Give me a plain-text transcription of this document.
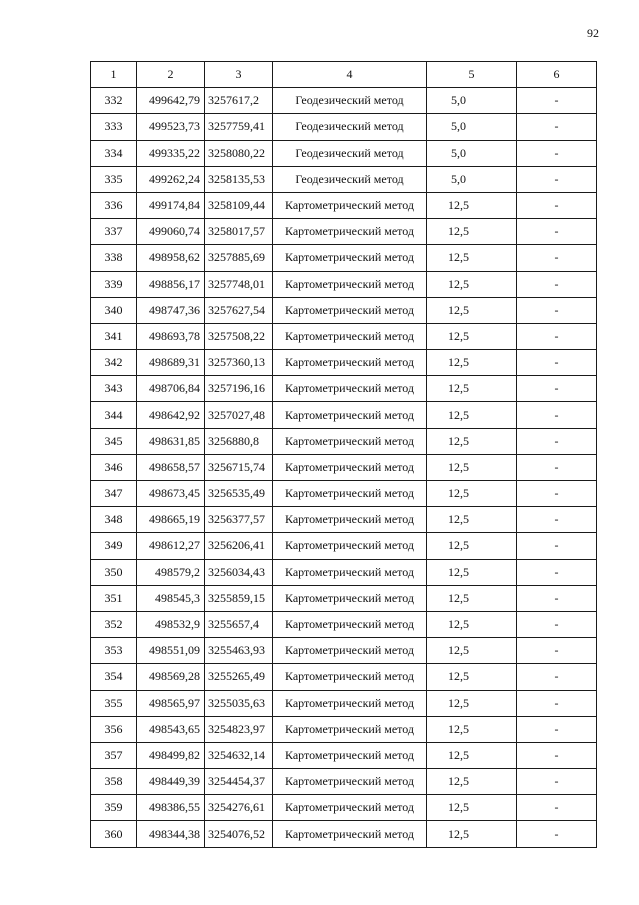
92
1	2	3	4	5	6
332	499642,79	3257617,2	Геодезический метод	5,0	-
333	499523,73	3257759,41	Геодезический метод	5,0	-
334	499335,22	3258080,22	Геодезический метод	5,0	-
335	499262,24	3258135,53	Геодезический метод	5,0	-
336	499174,84	3258109,44	Картометрический метод	12,5	-
337	499060,74	3258017,57	Картометрический метод	12,5	-
338	498958,62	3257885,69	Картометрический метод	12,5	-
339	498856,17	3257748,01	Картометрический метод	12,5	-
340	498747,36	3257627,54	Картометрический метод	12,5	-
341	498693,78	3257508,22	Картометрический метод	12,5	-
342	498689,31	3257360,13	Картометрический метод	12,5	-
343	498706,84	3257196,16	Картометрический метод	12,5	-
344	498642,92	3257027,48	Картометрический метод	12,5	-
345	498631,85	3256880,8	Картометрический метод	12,5	-
346	498658,57	3256715,74	Картометрический метод	12,5	-
347	498673,45	3256535,49	Картометрический метод	12,5	-
348	498665,19	3256377,57	Картометрический метод	12,5	-
349	498612,27	3256206,41	Картометрический метод	12,5	-
350	498579,2	3256034,43	Картометрический метод	12,5	-
351	498545,3	3255859,15	Картометрический метод	12,5	-
352	498532,9	3255657,4	Картометрический метод	12,5	-
353	498551,09	3255463,93	Картометрический метод	12,5	-
354	498569,28	3255265,49	Картометрический метод	12,5	-
355	498565,97	3255035,63	Картометрический метод	12,5	-
356	498543,65	3254823,97	Картометрический метод	12,5	-
357	498499,82	3254632,14	Картометрический метод	12,5	-
358	498449,39	3254454,37	Картометрический метод	12,5	-
359	498386,55	3254276,61	Картометрический метод	12,5	-
360	498344,38	3254076,52	Картометрический метод	12,5	-
